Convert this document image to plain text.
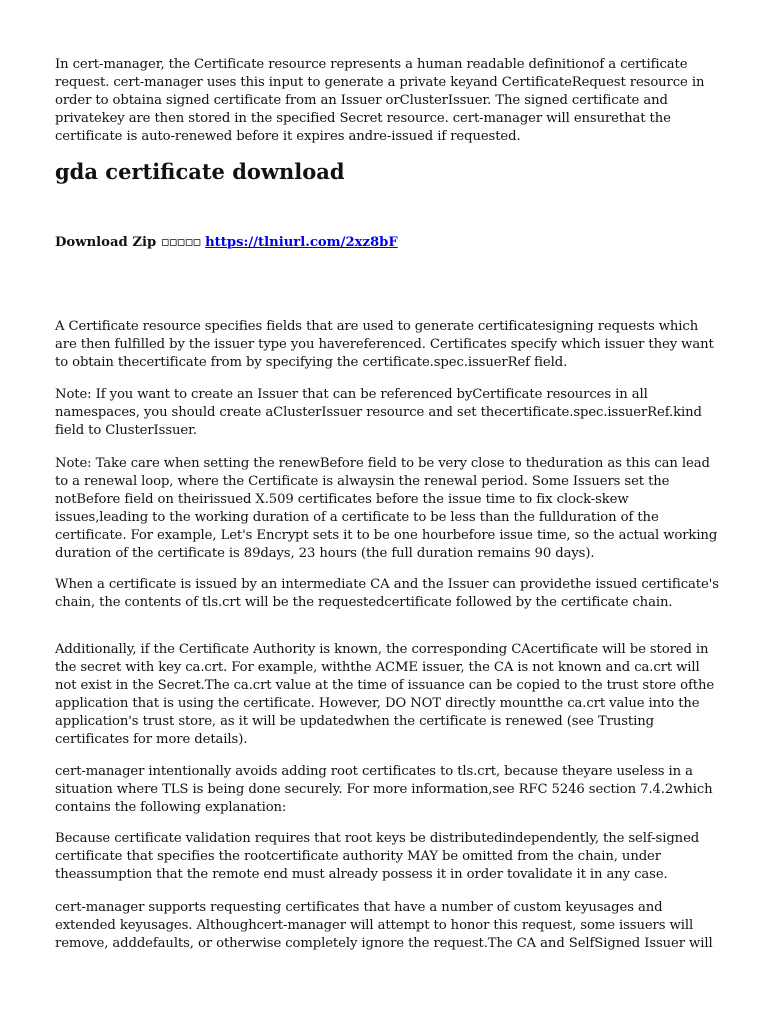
In cert-manager, the Certificate resource represents a human readable definitionof a certificate request. cert-manager uses this input to generate a private keyand CertificateRequest resource in order to obtaina signed certificate from an Issuer orClusterIssuer. The signed certificate and privatekey are then stored in the specified Secret resource. cert-manager will ensurethat the certificate is auto-renewed before it expires andre-issued if requested.

gda certificate download
Download Zip ▫▫▫▫▫ https://tlniurl.com/2xz8bF

A Certificate resource specifies fields that are used to generate certificatesigning requests which are then fulfilled by the issuer type you havereferenced. Certificates specify which issuer they want to obtain thecertificate from by specifying the certificate.spec.issuerRef field.

Note: If you want to create an Issuer that can be referenced byCertificate resources in all namespaces, you should create aClusterIssuer resource and set thecertificate.spec.issuerRef.kind field to ClusterIssuer.

Note: Take care when setting the renewBefore field to be very close to theduration as this can lead to a renewal loop, where the Certificate is alwaysin the renewal period. Some Issuers set the notBefore field on theirissued X.509 certificates before the issue time to fix clock-skew issues,leading to the working duration of a certificate to be less than the fullduration of the certificate. For example, Let's Encrypt sets it to be one hourbefore issue time, so the actual working duration of the certificate is 89days, 23 hours (the full duration remains 90 days).

When a certificate is issued by an intermediate CA and the Issuer can providethe issued certificate's chain, the contents of tls.crt will be the requestedcertificate followed by the certificate chain.

Additionally, if the Certificate Authority is known, the corresponding CAcertificate will be stored in the secret with key ca.crt. For example, withthe ACME issuer, the CA is not known and ca.crt will not exist in the Secret.The ca.crt value at the time of issuance can be copied to the trust store ofthe application that is using the certificate. However, DO NOT directly mountthe ca.crt value into the application's trust store, as it will be updatedwhen the certificate is renewed (see Trusting certificates for more details).

cert-manager intentionally avoids adding root certificates to tls.crt, because theyare useless in a situation where TLS is being done securely. For more information,see RFC 5246 section 7.4.2which contains the following explanation:

Because certificate validation requires that root keys be distributedindependently, the self-signed certificate that specifies the rootcertificate authority MAY be omitted from the chain, under theassumption that the remote end must already possess it in order tovalidate it in any case.

cert-manager supports requesting certificates that have a number of custom keyusages and extended keyusages. Althoughcert-manager will attempt to honor this request, some issuers will remove, adddefaults, or otherwise completely ignore the request.The CA and SelfSigned Issuer will
